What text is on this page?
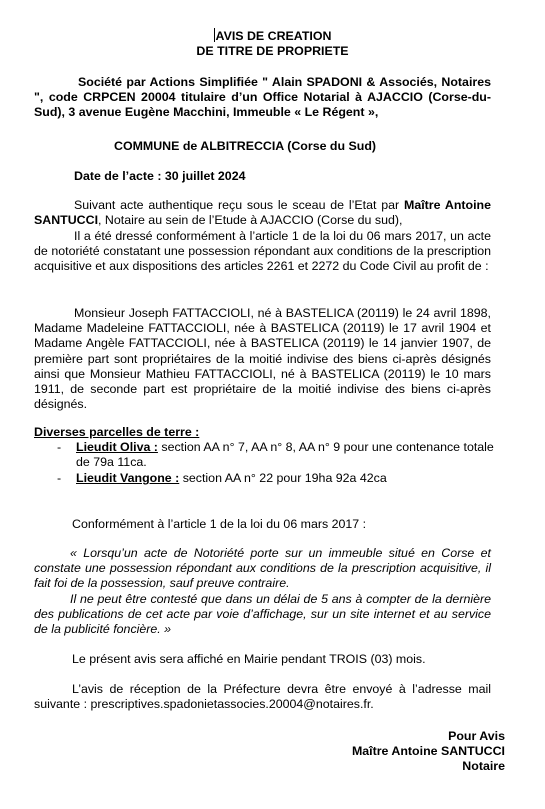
AVIS DE CREATION
DE TITRE DE PROPRIETE
Société par Actions Simplifiée " Alain SPADONI & Associés, Notaires ", code CRPCEN 20004 titulaire d’un Office Notarial à AJACCIO (Corse-du-Sud), 3 avenue Eugène Macchini, Immeuble « Le Régent »,
COMMUNE de ALBITRECCIA (Corse du Sud)
Date de l’acte : 30 juillet 2024
Suivant acte authentique reçu sous le sceau de l’Etat par Maître Antoine SANTUCCI, Notaire au sein de l’Etude à AJACCIO (Corse du sud),
Il a été dressé conformément à l’article 1 de la loi du 06 mars 2017, un acte de notoriété constatant une possession répondant aux conditions de la prescription acquisitive et aux dispositions des articles 2261 et 2272 du Code Civil au profit de :
Monsieur Joseph FATTACCIOLI, né à BASTELICA (20119) le 24 avril 1898, Madame Madeleine FATTACCIOLI, née à BASTELICA (20119) le 17 avril 1904 et Madame Angèle FATTACCIOLI, née à BASTELICA (20119) le 14 janvier 1907, de première part sont propriétaires de la moitié indivise des biens ci-après désignés ainsi que Monsieur Mathieu FATTACCIOLI, né à BASTELICA (20119) le 10 mars 1911, de seconde part est propriétaire de la moitié indivise des biens ci-après désignés.
Diverses parcelles de terre :
- Lieudit Oliva : section AA n° 7, AA n° 8, AA n° 9 pour une contenance totale de 79a 11ca.
- Lieudit Vangone : section AA n° 22 pour 19ha 92a 42ca
Conformément à l’article 1 de la loi du 06 mars 2017 :
« Lorsqu’un acte de Notoriété porte sur un immeuble situé en Corse et constate une possession répondant aux conditions de la prescription acquisitive, il fait foi de la possession, sauf preuve contraire.
Il ne peut être contesté que dans un délai de 5 ans à compter de la dernière des publications de cet acte par voie d’affichage, sur un site internet et au service de la publicité foncière. »
Le présent avis sera affiché en Mairie pendant TROIS (03) mois.
L’avis de réception de la Préfecture devra être envoyé à l’adresse mail suivante : prescriptives.spadonietassocies.20004@notaires.fr.
Pour Avis
Maître Antoine SANTUCCI
Notaire
